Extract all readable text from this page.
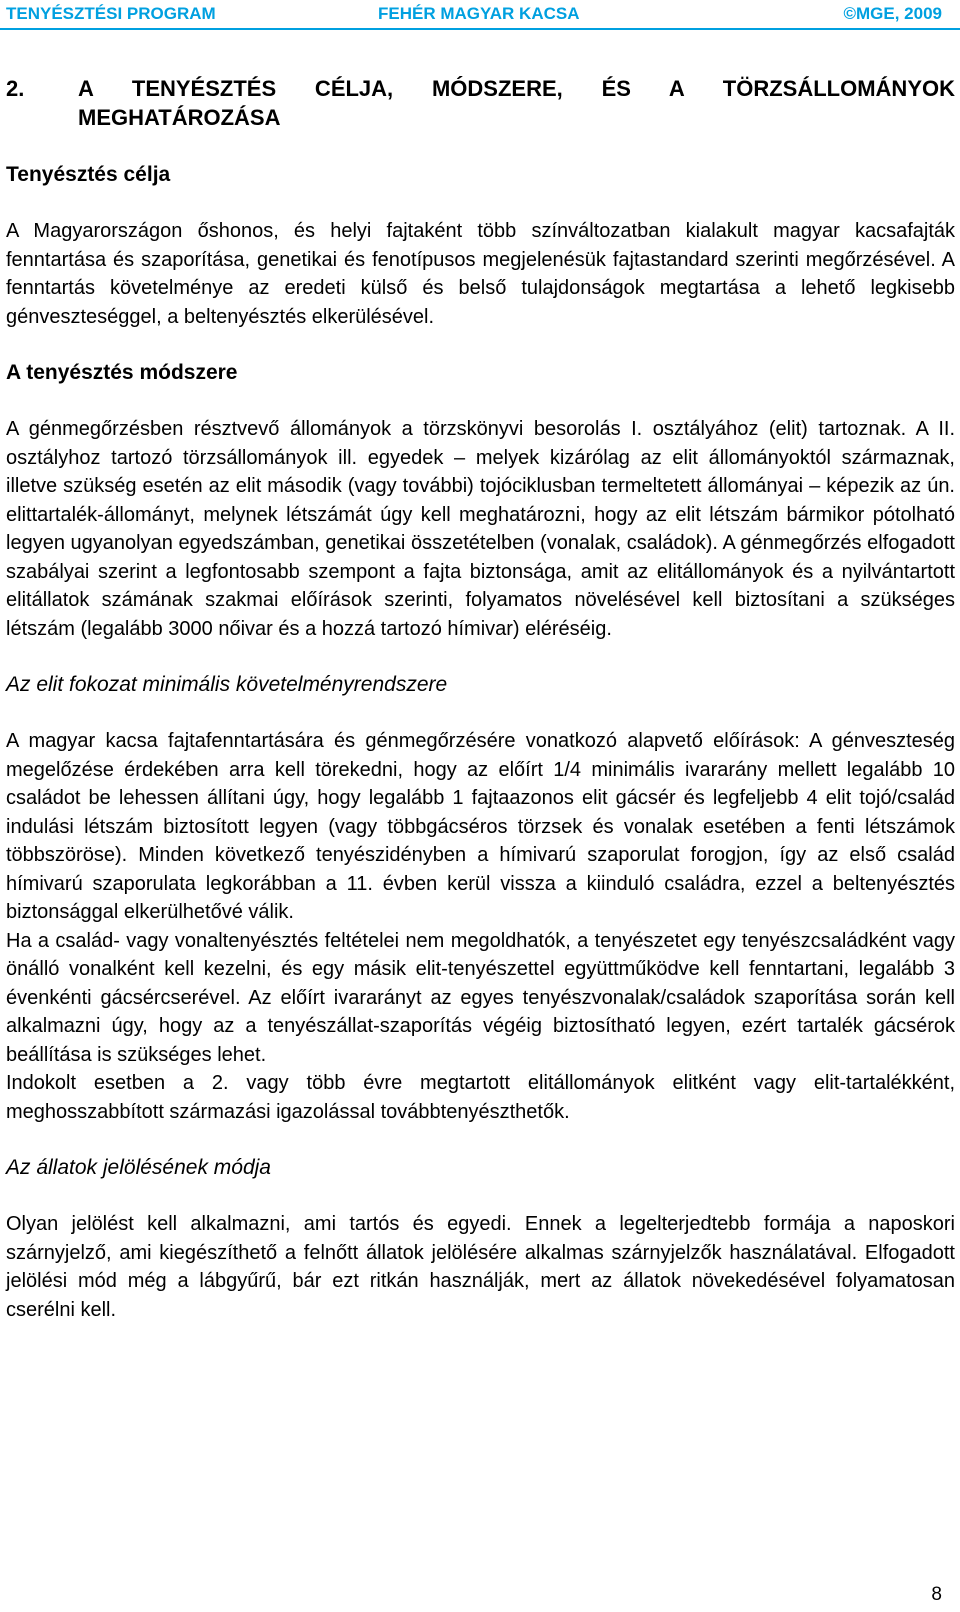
TENYÉSZTÉSI PROGRAM	FEHÉR MAGYAR KACSA	©MGE, 2009
2.	A TENYÉSZTÉS CÉLJA, MÓDSZERE, ÉS A TÖRZSÁLLOMÁNYOK
MEGHATÁROZÁSA
Tenyésztés célja

A Magyarországon őshonos, és helyi fajtaként több színváltozatban kialakult magyar kacsafajták fenntartása és szaporítása, genetikai és fenotípusos megjelenésük fajtastandard szerinti megőrzésével. A fenntartás követelménye az eredeti külső és belső tulajdonságok megtartása a lehető legkisebb génveszteséggel, a beltenyésztés elkerülésével.

A tenyésztés módszere

A génmegőrzésben résztvevő állományok a törzskönyvi besorolás I. osztályához (elit) tartoznak. A II. osztályhoz tartozó törzsállományok ill. egyedek – melyek kizárólag az elit állományoktól származnak, illetve szükség esetén az elit második (vagy további) tojóciklusban termeltetett állományai – képezik az ún. elittartalék-állományt, melynek létszámát úgy kell meghatározni, hogy az elit létszám bármikor pótolható legyen ugyanolyan egyedszámban, genetikai összetételben (vonalak, családok). A génmegőrzés elfogadott szabályai szerint a legfontosabb szempont a fajta biztonsága, amit az elitállományok és a nyilvántartott elitállatok számának szakmai előírások szerinti, folyamatos növelésével kell biztosítani a szükséges létszám (legalább 3000 nőivar és a hozzá tartozó hímivar) eléréséig.

Az elit fokozat minimális követelményrendszere

A magyar kacsa fajtafenntartására és génmegőrzésére vonatkozó alapvető előírások: A génveszteség megelőzése érdekében arra kell törekedni, hogy az előírt 1/4 minimális ivararány mellett legalább 10 családot be lehessen állítani úgy, hogy legalább 1 fajtaazonos elit gácsér és legfeljebb 4 elit tojó/család indulási létszám biztosított legyen (vagy többgácséros törzsek és vonalak esetében a fenti létszámok többszöröse). Minden következő tenyészidényben a hímivarú szaporulat forogjon, így az első család hímivarú szaporulata legkorábban a 11. évben kerül vissza a kiinduló családra, ezzel a beltenyésztés biztonsággal elkerülhetővé válik.

Ha a család- vagy vonaltenyésztés feltételei nem megoldhatók, a tenyészetet egy tenyészcsaládként vagy önálló vonalként kell kezelni, és egy másik elit-tenyészettel együttműködve kell fenntartani, legalább 3 évenkénti gácsércserével. Az előírt ivararányt az egyes tenyészvonalak/családok szaporítása során kell alkalmazni úgy, hogy az a tenyészállat-szaporítás végéig biztosítható legyen, ezért tartalék gácsérok beállítása is szükséges lehet.

Indokolt esetben a 2. vagy több évre megtartott elitállományok elitként vagy elit-tartalékként, meghosszabbított származási igazolással továbbtenyészthetők.

Az állatok jelölésének módja

Olyan jelölést kell alkalmazni, ami tartós és egyedi. Ennek a legelterjedtebb formája a naposkori szárnyjelző, ami kiegészíthető a felnőtt állatok jelölésére alkalmas szárnyjelzők használatával. Elfogadott jelölési mód még a lábgyűrű, bár ezt ritkán használják, mert az állatok növekedésével folyamatosan cserélni kell.

8
